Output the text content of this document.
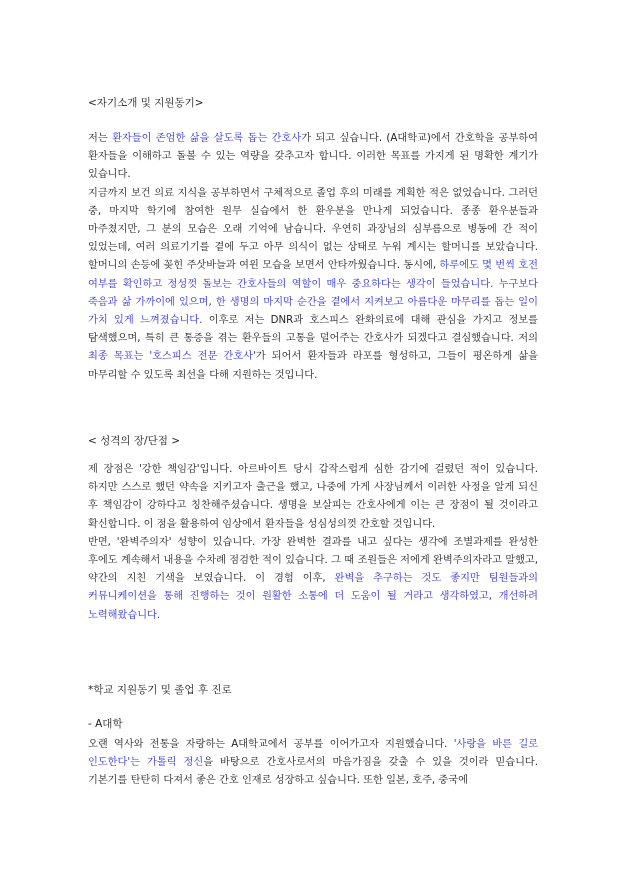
<자기소개 및 지원동기>

저는 환자들이 존엄한 삶을 살도록 돕는 간호사가 되고 싶습니다. (A대학교)에서 간호학을 공부하여 환자들을 이해하고 돌볼 수 있는 역량을 갖추고자 합니다. 이러한 목표를 가지게 된 명확한 계기가 있습니다.

지금까지 보건 의료 지식을 공부하면서 구체적으로 졸업 후의 미래를 계획한 적은 없었습니다. 그러던 중, 마지막 학기에 참여한 원무 실습에서 한 환우분을 만나게 되었습니다. 종종 환우분들과 마주쳤지만, 그 분의 모습은 오래 기억에 남습니다. 우연히 과장님의 심부름으로 병동에 간 적이 있었는데, 여러 의료기기를 곁에 두고 아무 의식이 없는 상태로 누워 계시는 할머니를 보았습니다. 할머니의 손등에 꽂힌 주삿바늘과 여윈 모습을 보면서 안타까웠습니다. 동시에, 하루에도 몇 번씩 호전 여부를 확인하고 정성껏 돌보는 간호사들의 역할이 매우 중요하다는 생각이 들었습니다. 누구보다 죽음과 삶 가까이에 있으며, 한 생명의 마지막 순간을 곁에서 지켜보고 아름다운 마무리를 돕는 일이 가치 있게 느껴졌습니다. 이후로 저는 DNR과 호스피스 완화의료에 대해 관심을 가지고 정보를 탐색했으며, 특히 큰 통증을 겪는 환우들의 고통을 덜어주는 간호사가 되겠다고 결심했습니다. 저의 최종 목표는 '호스피스 전문 간호사'가 되어서 환자들과 라포를 형성하고, 그들이 평온하게 삶을 마무리할 수 있도록 최선을 다해 지원하는 것입니다.

< 성격의 장/단점 >

제 장점은 '강한 책임감'입니다. 아르바이트 당시 갑작스럽게 심한 감기에 걸렸던 적이 있습니다. 하지만 스스로 했던 약속을 지키고자 출근을 했고, 나중에 가게 사장님께서 이러한 사정을 알게 되신 후 책임감이 강하다고 칭찬해주셨습니다. 생명을 보살피는 간호사에게 이는 큰 장점이 될 것이라고 확신합니다. 이 점을 활용하여 임상에서 환자들을 성심성의껏 간호할 것입니다.

반면, '완벽주의자' 성향이 있습니다. 가장 완벽한 결과를 내고 싶다는 생각에 조별과제를 완성한 후에도 계속해서 내용을 수차례 점검한 적이 있습니다. 그 때 조원들은 저에게 완벽주의자라고 말했고, 약간의 지친 기색을 보였습니다. 이 경험 이후, 완벽을 추구하는 것도 좋지만 팀원들과의 커뮤니케이션을 통해 진행하는 것이 원활한 소통에 더 도움이 될 거라고 생각하였고, 개선하려 노력해왔습니다.

*학교 지원동기 및 졸업 후 진로
- A대학

오랜 역사와 전통을 자랑하는 A대학교에서 공부를 이어가고자 지원했습니다. '사랑을 바른 길로 인도한다'는 가톨릭 정신을 바탕으로 간호사로서의 마음가짐을 갖출 수 있을 것이라 믿습니다. 기본기를 탄탄히 다져서 좋은 간호 인재로 성장하고 싶습니다. 또한 일본, 호주, 중국에
